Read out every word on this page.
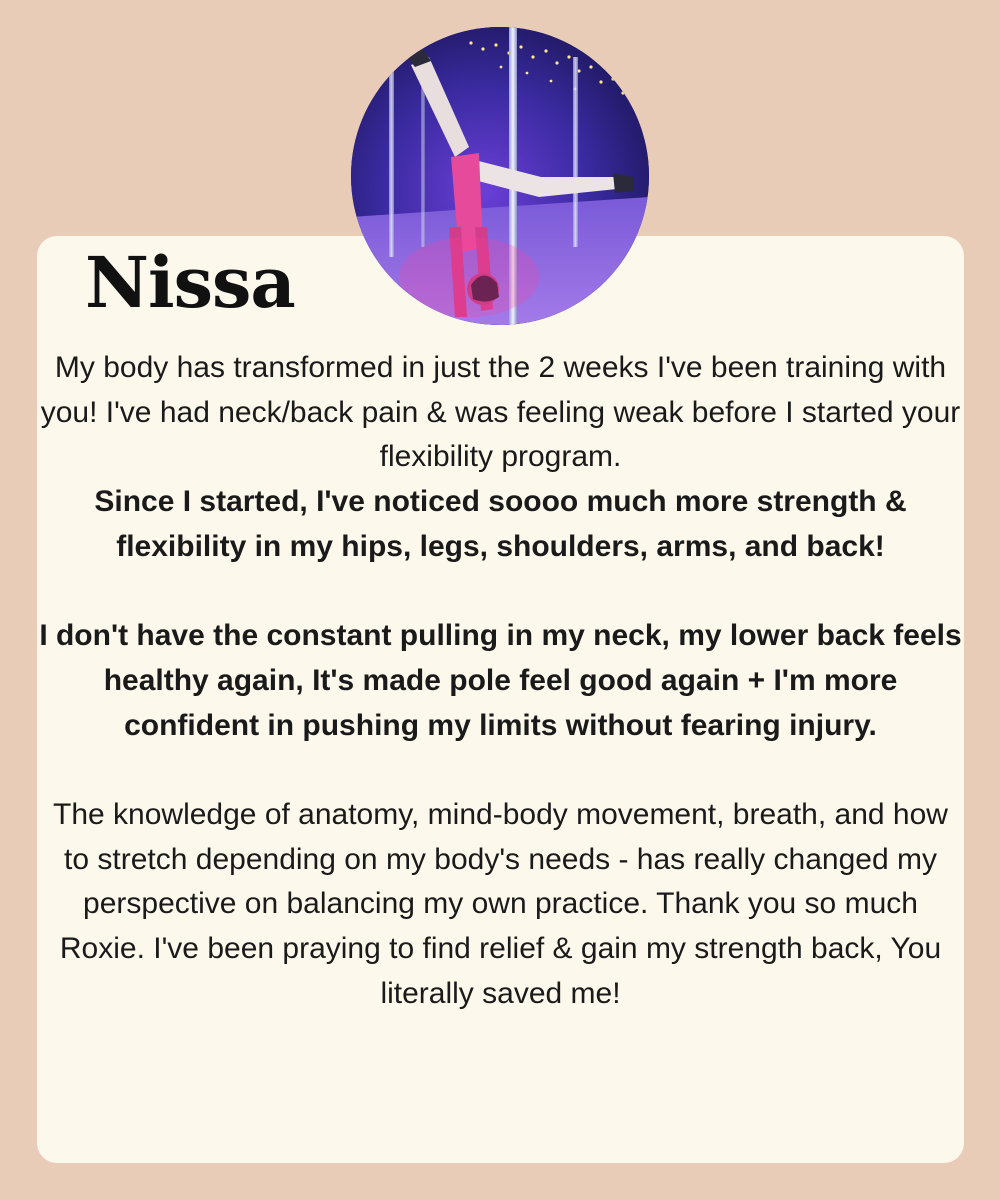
Nissa

My body has transformed in just the 2 weeks I've been training with you! I've had neck/back pain & was feeling weak before I started your flexibility program.

Since I started, I've noticed soooo much more strength & flexibility in my hips, legs, shoulders, arms, and back!

I don't have the constant pulling in my neck, my lower back feels healthy again, It's made pole feel good again + I'm more confident in pushing my limits without fearing injury.

The knowledge of anatomy, mind-body movement, breath, and how to stretch depending on my body's needs - has really changed my perspective on balancing my own practice. Thank you so much Roxie. I've been praying to find relief & gain my strength back, You literally saved me!
